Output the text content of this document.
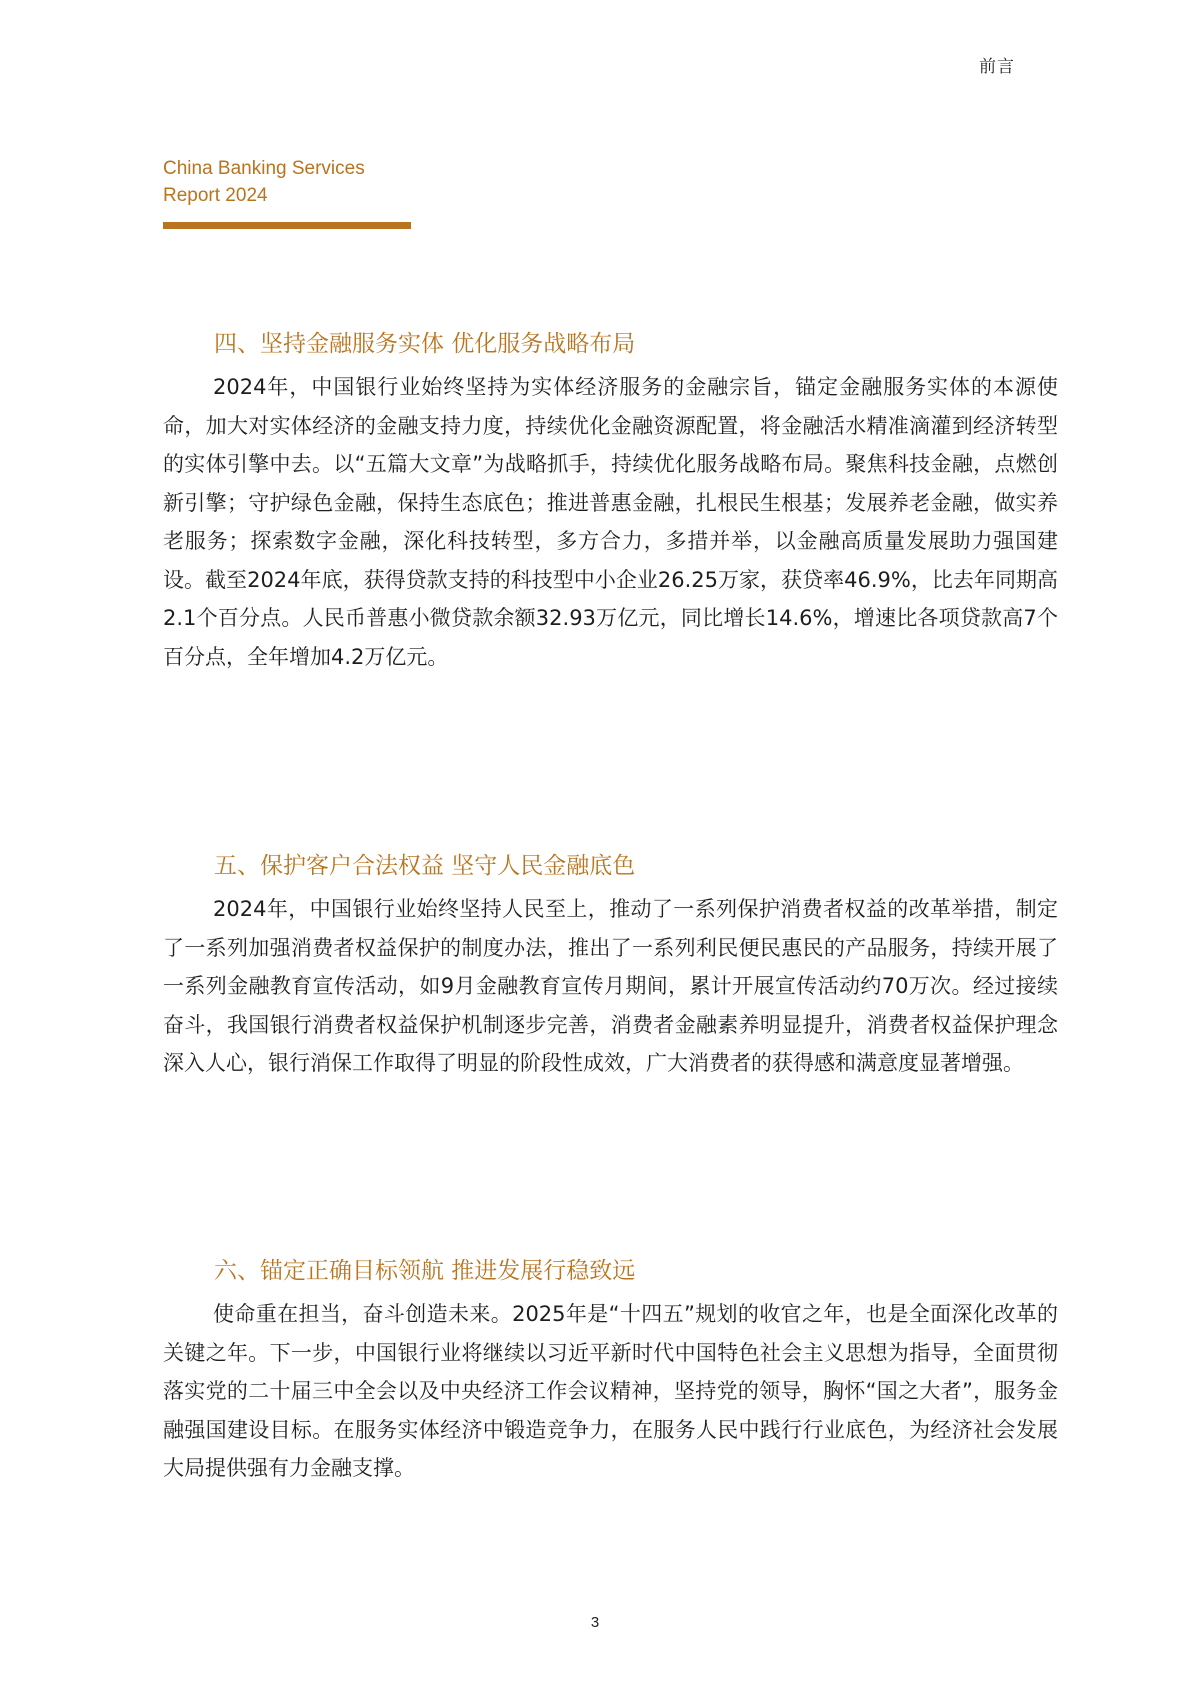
前言
China Banking Services
Report 2024
四、坚持金融服务实体 优化服务战略布局

2024年，中国银行业始终坚持为实体经济服务的金融宗旨，锚定金融服务实体的本源使命，加大对实体经济的金融支持力度，持续优化金融资源配置，将金融活水精准滴灌到经济转型的实体引擎中去。以“五篇大文章”为战略抓手，持续优化服务战略布局。聚焦科技金融，点燃创新引擎；守护绿色金融，保持生态底色；推进普惠金融，扎根民生根基；发展养老金融，做实养老服务；探索数字金融，深化科技转型，多方合力，多措并举，以金融高质量发展助力强国建设。截至2024年底，获得贷款支持的科技型中小企业26.25万家，获贷率46.9%，比去年同期高2.1个百分点。人民币普惠小微贷款余额32.93万亿元，同比增长14.6%，增速比各项贷款高7个百分点，全年增加4.2万亿元。

五、保护客户合法权益 坚守人民金融底色

2024年，中国银行业始终坚持人民至上，推动了一系列保护消费者权益的改革举措，制定了一系列加强消费者权益保护的制度办法，推出了一系列利民便民惠民的产品服务，持续开展了一系列金融教育宣传活动，如9月金融教育宣传月期间，累计开展宣传活动约70万次。经过接续奋斗，我国银行消费者权益保护机制逐步完善，消费者金融素养明显提升，消费者权益保护理念深入人心，银行消保工作取得了明显的阶段性成效，广大消费者的获得感和满意度显著增强。

六、锚定正确目标领航 推进发展行稳致远

使命重在担当，奋斗创造未来。2025年是“十四五”规划的收官之年，也是全面深化改革的关键之年。下一步，中国银行业将继续以习近平新时代中国特色社会主义思想为指导，全面贯彻落实党的二十届三中全会以及中央经济工作会议精神，坚持党的领导，胸怀“国之大者”，服务金融强国建设目标。在服务实体经济中锻造竞争力，在服务人民中践行行业底色，为经济社会发展大局提供强有力金融支撑。

3
